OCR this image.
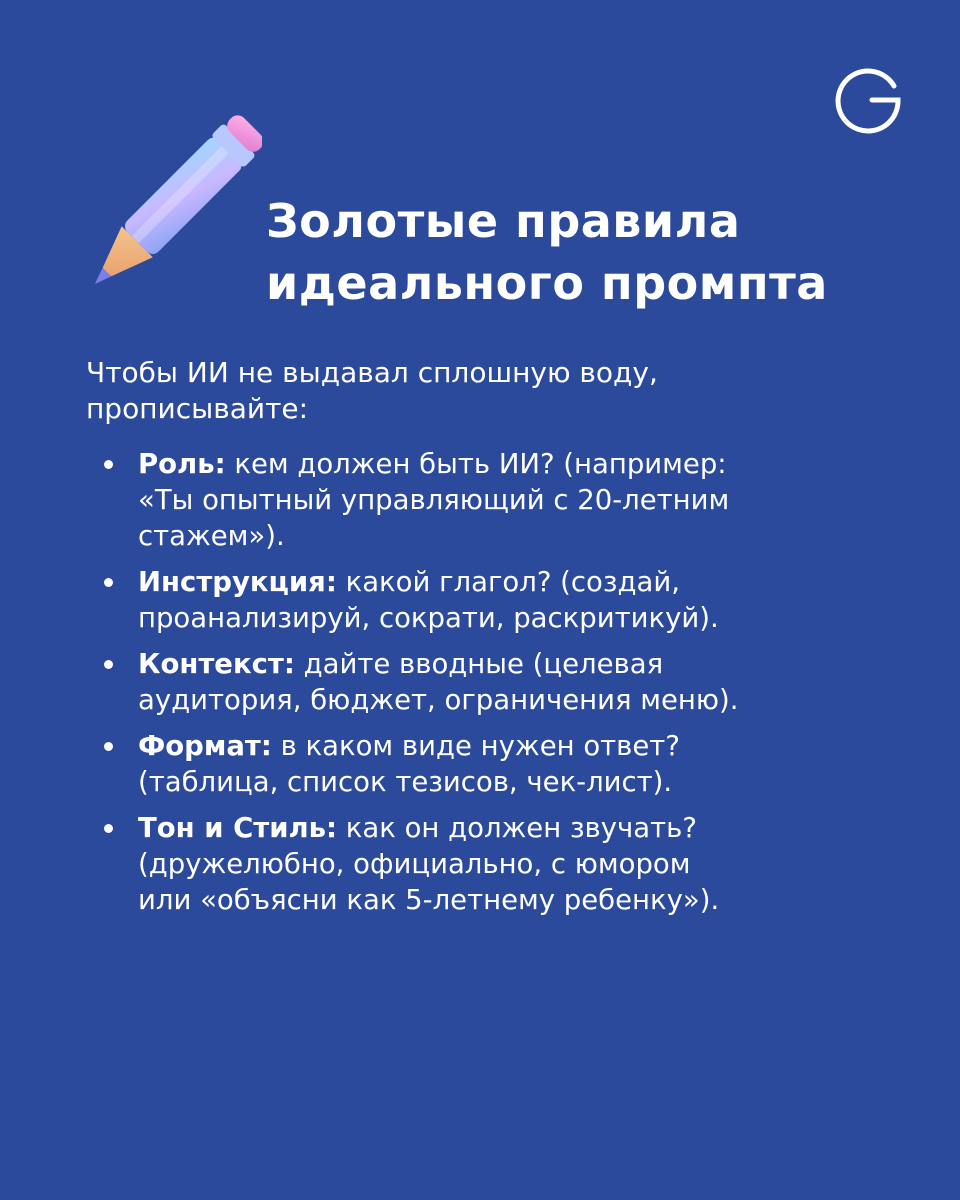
Золотые правила
идеального промпта

Чтобы ИИ не выдавал сплошную воду,
прописывайте:

Роль: кем должен быть ИИ? (например:
«Ты опытный управляющий с 20-летним
стажем»).
Инструкция: какой глагол? (создай,
проанализируй, сократи, раскритикуй).
Контекст: дайте вводные (целевая
аудитория, бюджет, ограничения меню).
Формат: в каком виде нужен ответ?
(таблица, список тезисов, чек-лист).
Тон и Стиль: как он должен звучать?
(дружелюбно, официально, с юмором
или «объясни как 5-летнему ребенку»).
